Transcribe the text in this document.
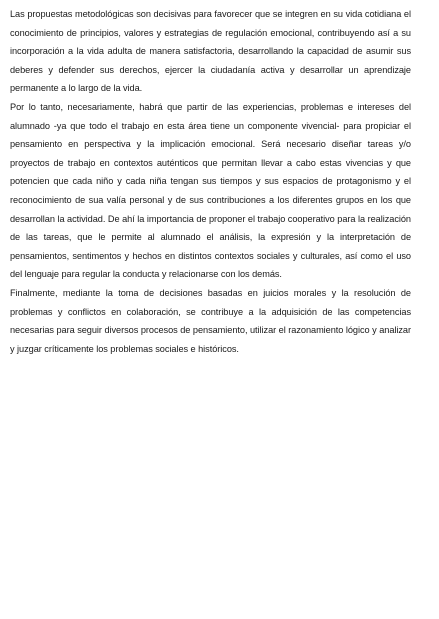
Las propuestas metodológicas son decisivas para favorecer que se integren en su vida cotidiana el conocimiento de principios, valores y estrategias de regulación emocional, contribuyendo así a su incorporación a la vida adulta de manera satisfactoria, desarrollando la capacidad de asumir sus deberes y defender sus derechos, ejercer la ciudadanía activa y desarrollar un aprendizaje permanente a lo largo de la vida.

Por lo tanto, necesariamente, habrá que partir de las experiencias, problemas e intereses del alumnado -ya que todo el trabajo en esta área tiene un componente vivencial- para propiciar el pensamiento en perspectiva y la implicación emocional. Será necesario diseñar tareas y/o proyectos de trabajo en contextos auténticos que permitan llevar a cabo estas vivencias y que potencien que cada niño y cada niña tengan sus tiempos y sus espacios de protagonismo y el reconocimiento de sua valía personal y de sus contribuciones a los diferentes grupos en los que desarrollan la actividad. De ahí la importancia de proponer el trabajo cooperativo para la realización de las tareas, que le permite al alumnado el análisis, la expresión y la interpretación de pensamientos, sentimentos y hechos en distintos contextos sociales y culturales, así como el uso del lenguaje para regular la conducta y relacionarse con los demás.

Finalmente, mediante la toma de decisiones basadas en juicios morales y la resolución de problemas y conflictos en colaboración, se contribuye a la adquisición de las competencias necesarias para seguir diversos procesos de pensamiento, utilizar el razonamiento lógico y analizar y juzgar críticamente los problemas sociales e históricos.
